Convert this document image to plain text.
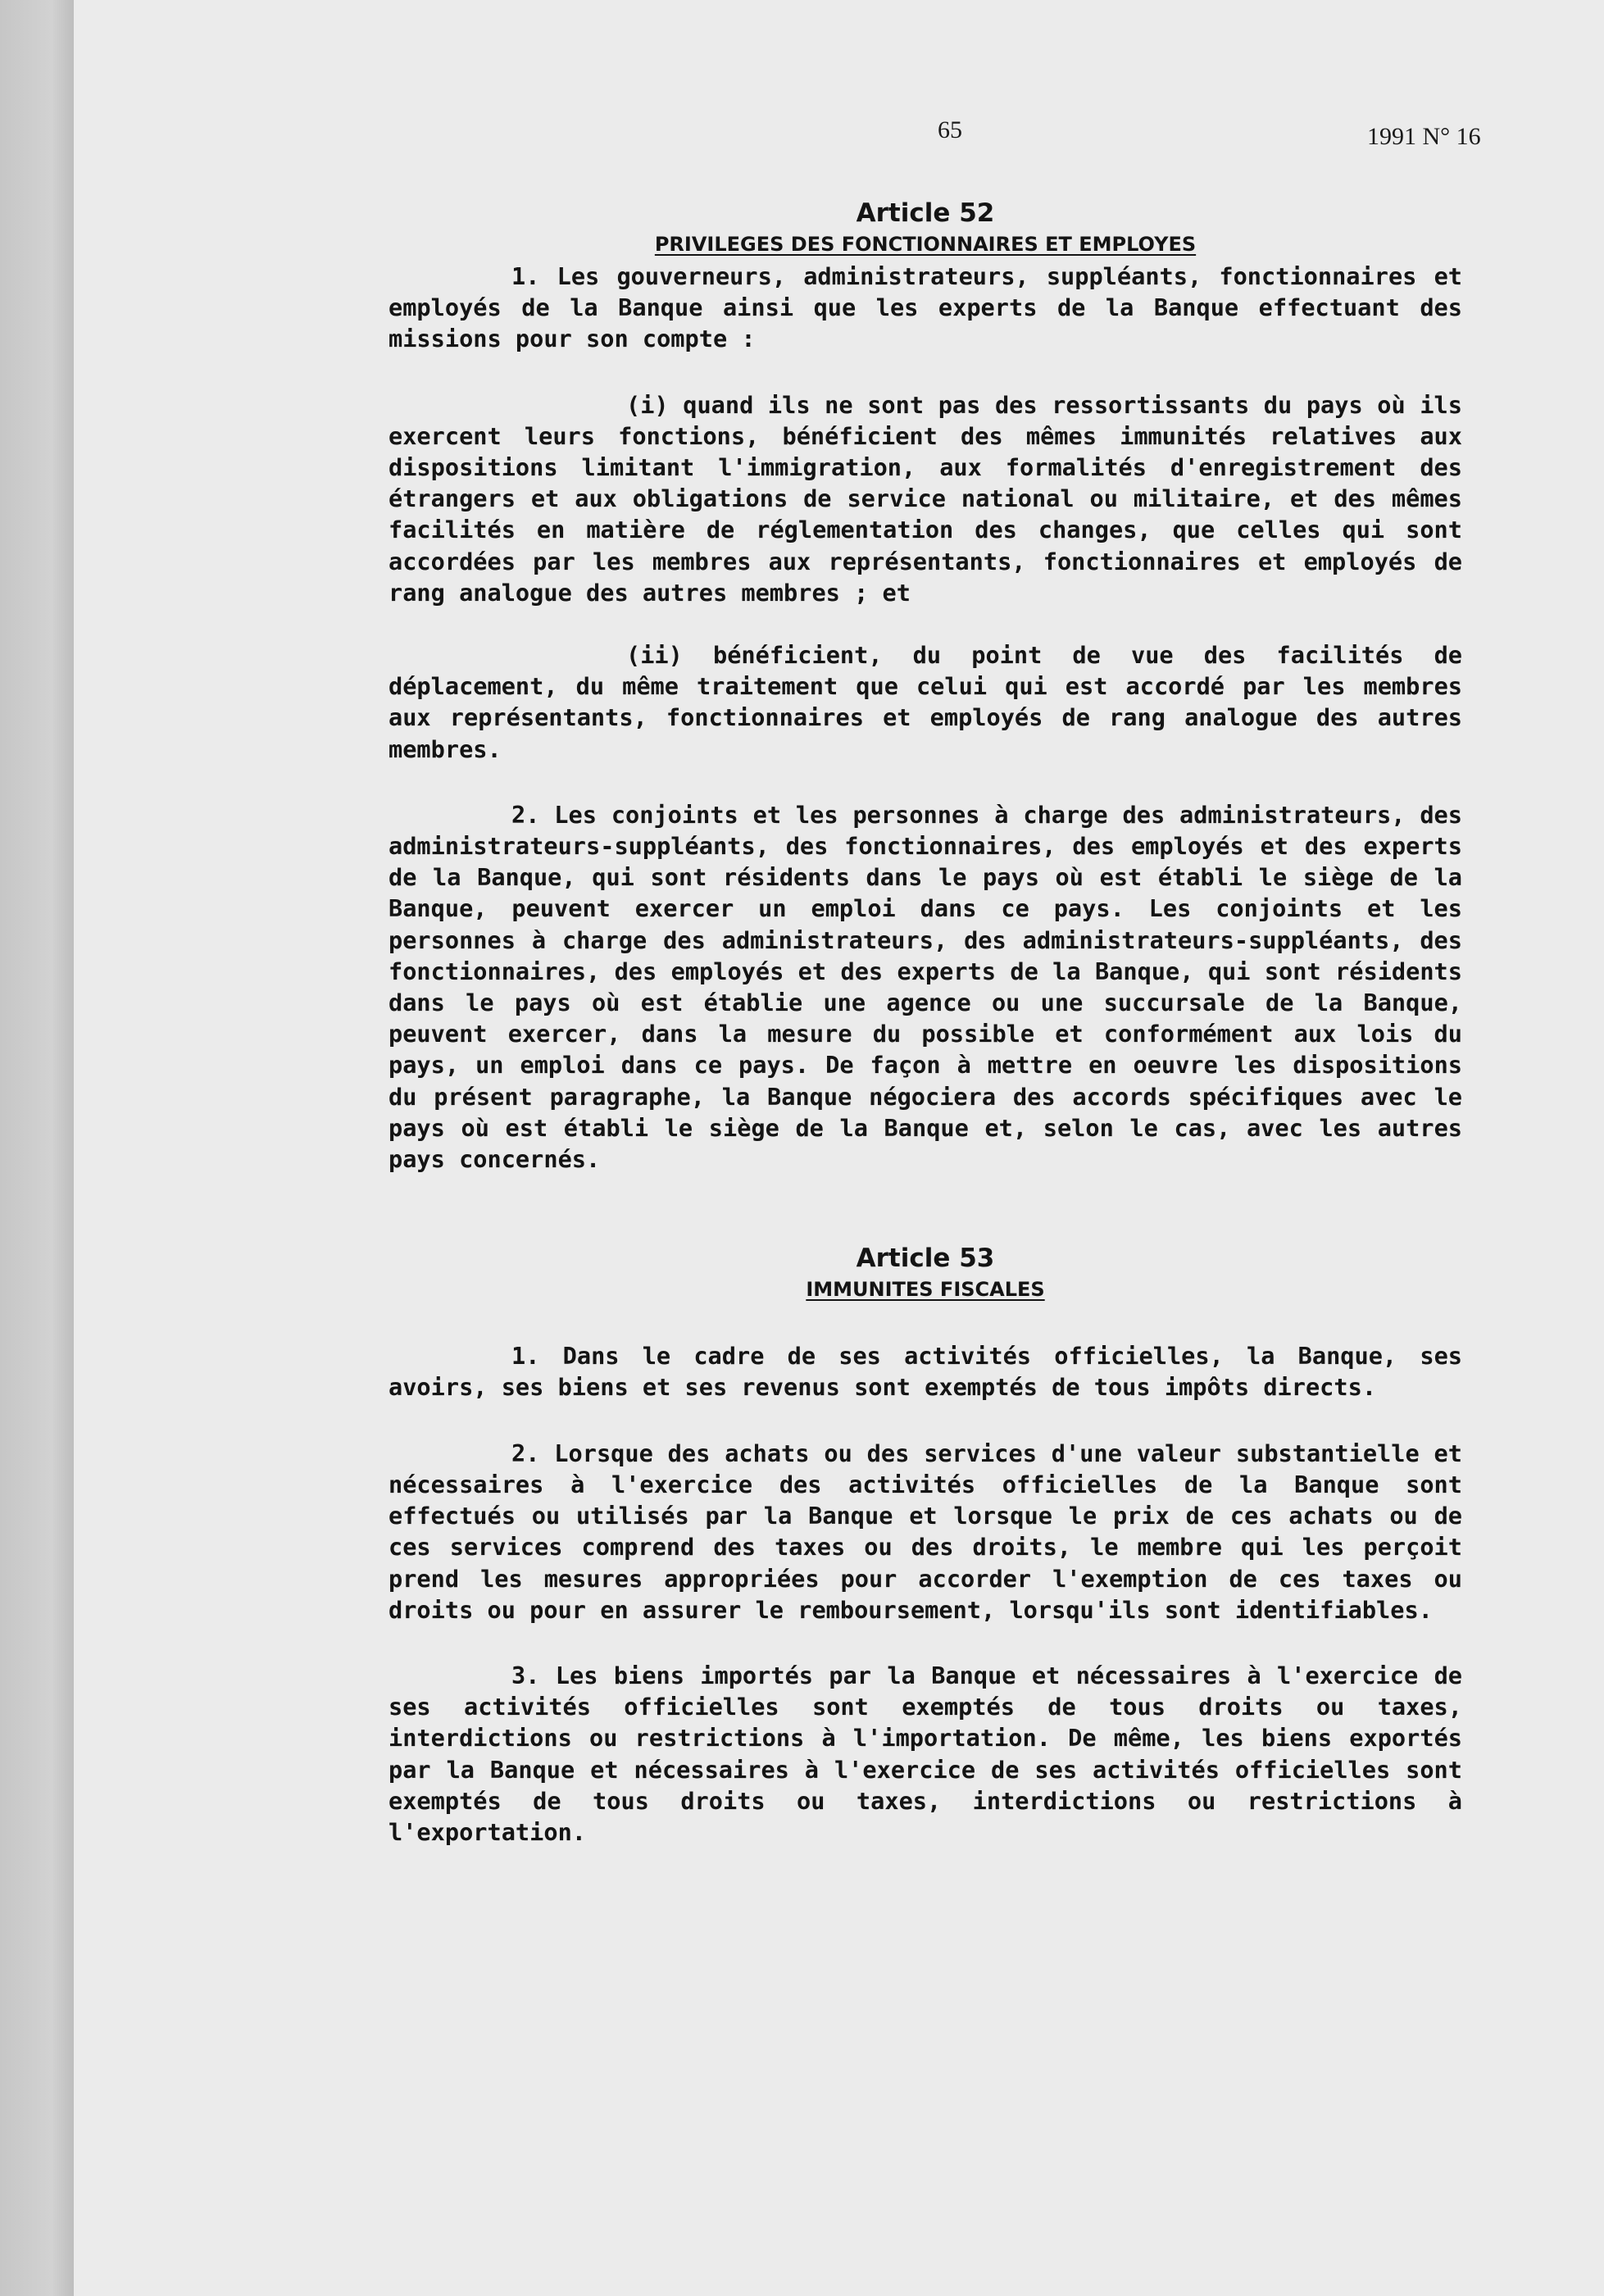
65	1991 N° 16
Article 52
PRIVILEGES DES FONCTIONNAIRES ET EMPLOYES

1. Les gouverneurs, administrateurs, suppléants, fonctionnaires et employés de la Banque ainsi que les experts de la Banque effectuant des missions pour son compte :

(i) quand ils ne sont pas des ressortissants du pays où ils exercent leurs fonctions, bénéficient des mêmes immunités relatives aux dispositions limitant l'immigration, aux formalités d'enregistrement des étrangers et aux obligations de service national ou militaire, et des mêmes facilités en matière de réglementation des changes, que celles qui sont accordées par les membres aux représentants, fonctionnaires et employés de rang analogue des autres membres ; et

(ii) bénéficient, du point de vue des facilités de déplacement, du même traitement que celui qui est accordé par les membres aux représentants, fonctionnaires et employés de rang analogue des autres membres.

2. Les conjoints et les personnes à charge des administrateurs, des administrateurs-suppléants, des fonctionnaires, des employés et des experts de la Banque, qui sont résidents dans le pays où est établi le siège de la Banque, peuvent exercer un emploi dans ce pays. Les conjoints et les personnes à charge des administrateurs, des administrateurs-suppléants, des fonctionnaires, des employés et des experts de la Banque, qui sont résidents dans le pays où est établie une agence ou une succursale de la Banque, peuvent exercer, dans la mesure du possible et conformément aux lois du pays, un emploi dans ce pays. De façon à mettre en oeuvre les dispositions du présent paragraphe, la Banque négociera des accords spécifiques avec le pays où est établi le siège de la Banque et, selon le cas, avec les autres pays concernés.

Article 53
IMMUNITES FISCALES

1. Dans le cadre de ses activités officielles, la Banque, ses avoirs, ses biens et ses revenus sont exemptés de tous impôts directs.

2. Lorsque des achats ou des services d'une valeur substantielle et nécessaires à l'exercice des activités officielles de la Banque sont effectués ou utilisés par la Banque et lorsque le prix de ces achats ou de ces services comprend des taxes ou des droits, le membre qui les perçoit prend les mesures appropriées pour accorder l'exemption de ces taxes ou droits ou pour en assurer le remboursement, lorsqu'ils sont identifiables.

3. Les biens importés par la Banque et nécessaires à l'exercice de ses activités officielles sont exemptés de tous droits ou taxes, interdictions ou restrictions à l'importation. De même, les biens exportés par la Banque et nécessaires à l'exercice de ses activités officielles sont exemptés de tous droits ou taxes, interdictions ou restrictions à l'exportation.
